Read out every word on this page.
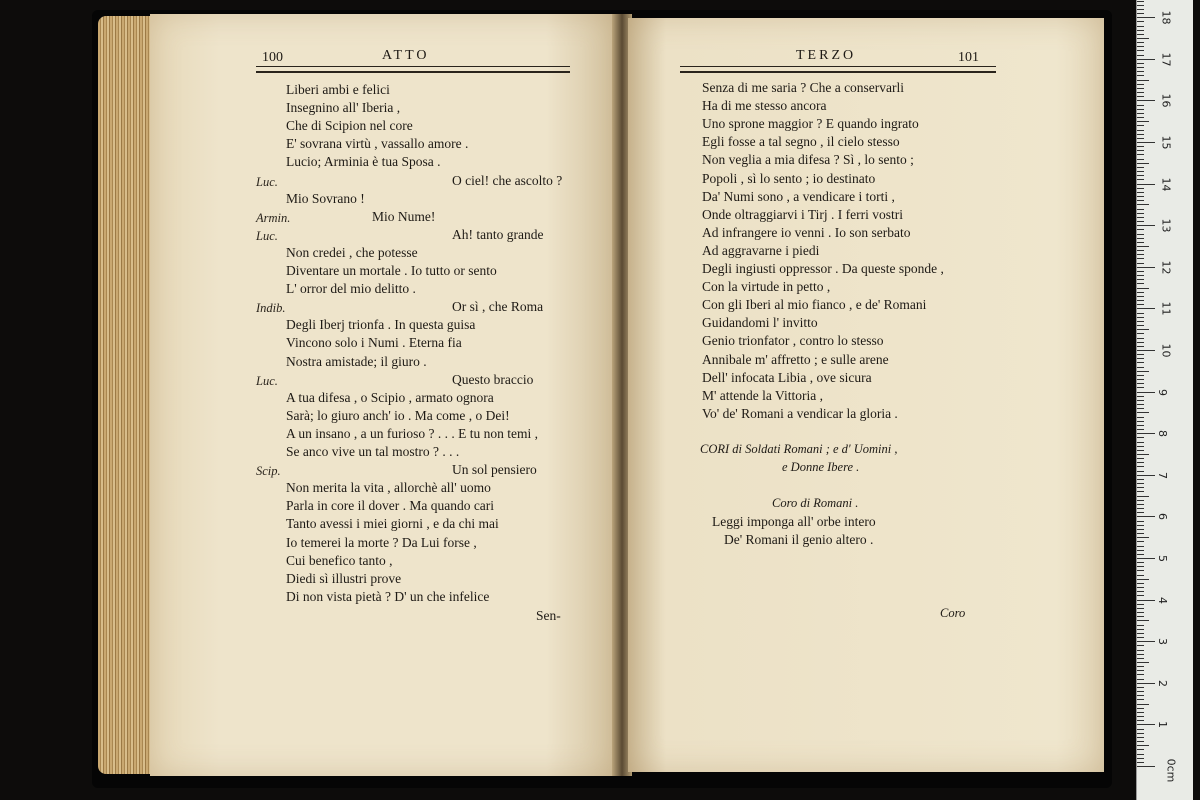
100	ATTO	TERZO	101
Liberi ambi e felici
Insegnino all' Iberia ,
Che di Scipion nel core
E' sovrana virtù , vassallo amore .
Lucio; Arminia è tua Sposa .
Luc.	O ciel! che ascolto ?
Mio Sovrano !
Armin.	Mio Nume!
Luc.	Ah! tanto grande
Non credei , che potesse
Diventare un mortale . Io tutto or sento
L' orror del mio delitto .
Indib.	Or sì , che Roma
Degli Iberj trionfa . In questa guisa
Vincono solo i Numi . Eterna fia
Nostra amistade; il giuro .
Luc.	Questo braccio
A tua difesa , o Scipio , armato ognora
Sarà; lo giuro anch' io . Ma come , o Dei!
A un insano , a un furioso ? . . . E tu non temi ,
Se anco vive un tal mostro ? . . .
Scip.	Un sol pensiero
Non merita la vita , allorchè all' uomo
Parla in core il dover . Ma quando cari
Tanto avessi i miei giorni , e da chi mai
Io temerei la morte ? Da Lui forse ,
Cui benefico tanto ,
Diedi sì illustri prove
Di non vista pietà ? D' un che infelice
Sen-
Senza di me saria ? Che a conservarli
Ha di me stesso ancora
Uno sprone maggior ? E quando ingrato
Egli fosse a tal segno , il cielo stesso
Non veglia a mia difesa ? Sì , lo sento ;
Popoli , sì lo sento ; io destinato
Da' Numi sono , a vendicare i torti ,
Onde oltraggiarvi i Tirj . I ferri vostri
Ad infrangere io venni . Io son serbato
Ad aggravarne i piedi
Degli ingiusti oppressor . Da queste sponde ,
Con la virtude in petto ,
Con gli Iberi al mio fianco , e de' Romani
Guidandomi l' invitto
Genio trionfator , contro lo stesso
Annibale m' affretto ; e sulle arene
Dell' infocata Libia , ove sicura
M' attende la Vittoria ,
Vo' de' Romani a vendicar la gloria .
CORI di Soldati Romani ; e d' Uomini ,
e Donne Ibere .
Coro di Romani .
Leggi imponga all' orbe intero
De' Romani il genio altero .
Coro
0cm
1
2
3
4
5
6
7
8
9
10
11
12
13
14
15
16
17
18
